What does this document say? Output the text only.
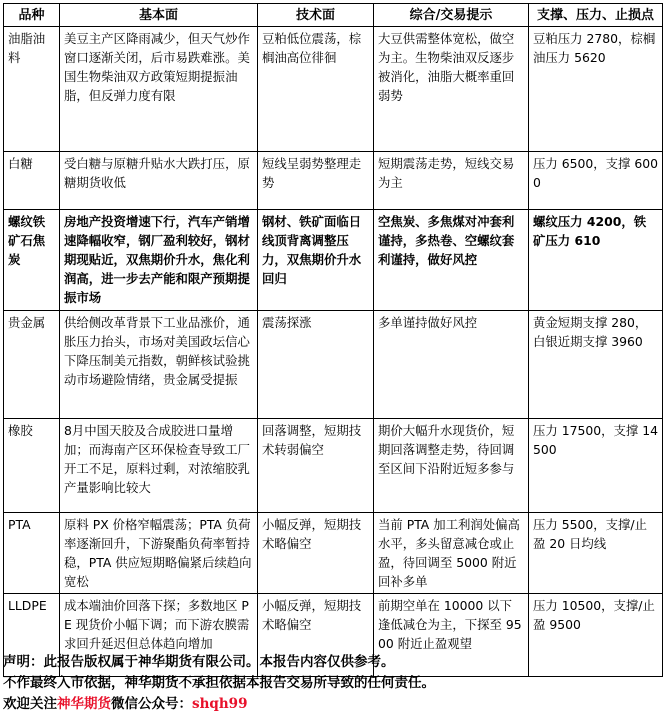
品种	基本面	技术面	综合/交易提示	支撑、压力、止损点
油脂油料	美豆主产区降雨减少，但天气炒作窗口逐渐关闭，后市易跌难涨。美国生物柴油双方政策短期提振油脂，但反弹力度有限	豆粕低位震荡，棕榈油高位徘徊	大豆供需整体宽松，做空为主。生物柴油双反逐步被消化，油脂大概率重回弱势	豆粕压力 2780，棕榈油压力 5620
白糖	受白糖与原糖升贴水大跌打压，原糖期货收低	短线呈弱势整理走势	短期震荡走势，短线交易为主	压力 6500，支撑 6000
螺纹铁矿石焦炭	房地产投资增速下行，汽车产销增速降幅收窄，钢厂盈利较好，钢材期现贴近，双焦期价升水，焦化利润高，进一步去产能和限产预期提振市场	钢材、铁矿面临日线顶背离调整压力，双焦期价升水回归	空焦炭、多焦煤对冲套利谨持，多热卷、空螺纹套利谨持，做好风控	螺纹压力 4200，铁矿压力 610
贵金属	供给侧改革背景下工业品涨价，通胀压力抬头，市场对美国政坛信心下降压制美元指数，朝鲜核试验挑动市场避险情绪，贵金属受提振	震荡探涨	多单谨持做好风控	黄金短期支撑 280，白银近期支撑 3960
橡胶	8月中国天胶及合成胶进口量增加；而海南产区环保检查导致工厂开工不足，原料过剩，对浓缩胶乳产量影响比较大	回落调整，短期技术转弱偏空	期价大幅升水现货价，短期回落调整走势，待回调至区间下沿附近短多参与	压力 17500，支撑 14500
PTA	原料 PX 价格窄幅震荡；PTA 负荷率逐渐回升，下游聚酯负荷率暂持稳，PTA 供应短期略偏紧后续趋向宽松	小幅反弹，短期技术略偏空	当前 PTA 加工利润处偏高水平，多头留意减仓或止盈，待回调至 5000 附近回补多单	压力 5500，支撑/止盈 20 日均线
LLDPE	成本端油价回落下探；多数地区 PE 现货价小幅下调；而下游农膜需求回升延迟但总体趋向增加	小幅反弹，短期技术略偏空	前期空单在 10000 以下逢低减仓为主，下探至 9500 附近止盈观望	压力 10500，支撑/止盈 9500
声明：此报告版权属于神华期货有限公司。本报告内容仅供参考。
不作最终入市依据，神华期货不承担依据本报告交易所导致的任何责任。
欢迎关注神华期货微信公众号：shqh99
